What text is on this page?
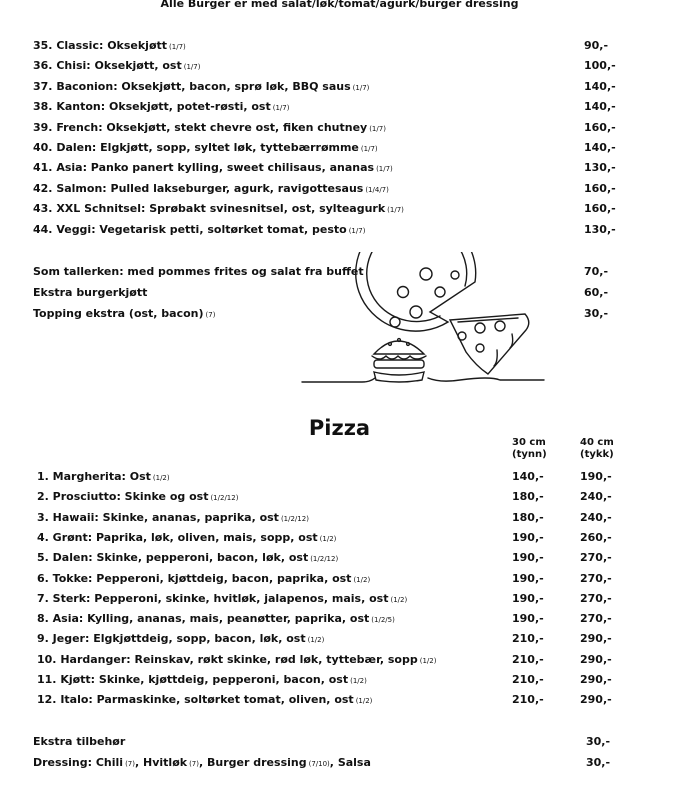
Alle Burger er med salat/løk/tomat/agurk/burger dressing
35. Classic: Oksekjøtt (1/7)	90,-
36. Chisi: Oksekjøtt, ost (1/7)	100,-
37. Baconion: Oksekjøtt, bacon, sprø løk, BBQ saus (1/7)	140,-
38. Kanton: Oksekjøtt, potet-røsti, ost (1/7)	140,-
39. French: Oksekjøtt, stekt chevre ost, fiken chutney (1/7)	160,-
40. Dalen: Elgkjøtt, sopp, syltet løk, tyttebærrømme (1/7)	140,-
41. Asia: Panko panert kylling, sweet chilisaus, ananas (1/7)	130,-
42. Salmon: Pulled lakseburger, agurk, ravigottesaus (1/4/7)	160,-
43. XXL Schnitsel: Sprøbakt svinesnitsel, ost, sylteagurk (1/7)	160,-
44. Veggi: Vegetarisk petti, soltørket tomat, pesto (1/7)	130,-
Som tallerken: med pommes frites og salat fra buffet	70,-
Ekstra burgerkjøtt	60,-
Topping ekstra (ost, bacon) (7)	30,-
Pizza
30 cm
(tynn)
40 cm
(tykk)
1. Margherita: Ost (1/2)	140,-	190,-
2. Prosciutto: Skinke og ost (1/2/12)	180,-	240,-
3. Hawaii: Skinke, ananas, paprika, ost (1/2/12)	180,-	240,-
4. Grønt: Paprika, løk, oliven, mais, sopp, ost (1/2)	190,-	260,-
5. Dalen: Skinke, pepperoni, bacon, løk, ost (1/2/12)	190,-	270,-
6. Tokke: Pepperoni, kjøttdeig, bacon, paprika, ost (1/2)	190,-	270,-
7. Sterk: Pepperoni, skinke, hvitløk, jalapenos, mais, ost (1/2)	190,-	270,-
8. Asia: Kylling, ananas, mais, peanøtter, paprika, ost (1/2/5)	190,-	270,-
9. Jeger: Elgkjøttdeig, sopp, bacon, løk, ost (1/2)	210,-	290,-
10. Hardanger: Reinskav, røkt skinke, rød løk, tyttebær, sopp (1/2)	210,-	290,-
11. Kjøtt: Skinke, kjøttdeig, pepperoni, bacon, ost (1/2)	210,-	290,-
12. Italo: Parmaskinke, soltørket tomat, oliven, ost (1/2)	210,-	290,-
Ekstra tilbehør	30,-
Dressing: Chili (7), Hvitløk (7), Burger dressing (7/10), Salsa	30,-
